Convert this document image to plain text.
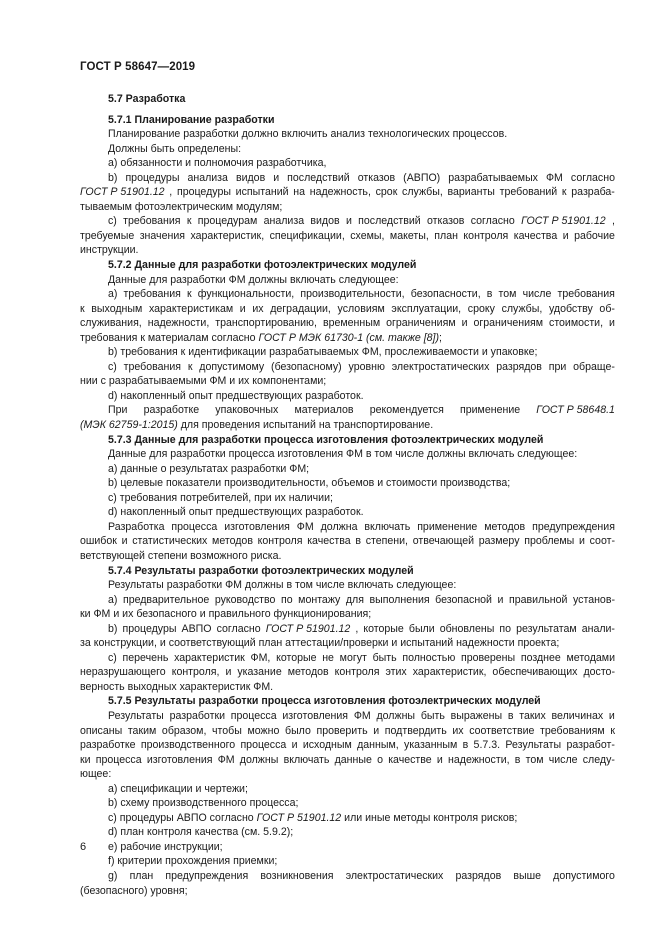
ГОСТ Р 58647—2019
5.7 Разработка
5.7.1 Планирование разработки
Планирование разработки должно включить анализ технологических процессов.
Должны быть определены:
a) обязанности и полномочия разработчика,
b) процедуры анализа видов и последствий отказов (АВПО) разрабатываемых ФМ согласно
ГОСТ Р 51901.12 , процедуры испытаний на надежность, срок службы, варианты требований к разраба-
тываемым фотоэлектрическим модулям;
c) требования к процедурам анализа видов и последствий отказов согласно ГОСТ Р 51901.12 ,
требуемые значения характеристик, спецификации, схемы, макеты, план контроля качества и рабочие
инструкции.
5.7.2 Данные для разработки фотоэлектрических модулей
Данные для разработки ФМ должны включать следующее:
a) требования к функциональности, производительности, безопасности, в том числе требования
к выходным характеристикам и их деградации, условиям эксплуатации, сроку службы, удобству об-
служивания, надежности, транспортированию, временным ограничениям и ограничениям стоимости, и
требования к материалам согласно ГОСТ Р МЭК 61730-1 (см. также [8]);
b) требования к идентификации разрабатываемых ФМ, прослеживаемости и упаковке;
c) требования к допустимому (безопасному) уровню электростатических разрядов при обраще-
нии с разрабатываемыми ФМ и их компонентами;
d) накопленный опыт предшествующих разработок.
При разработке упаковочных материалов рекомендуется применение ГОСТ Р 58648.1
(МЭК 62759-1:2015) для проведения испытаний на транспортирование.
5.7.3 Данные для разработки процесса изготовления фотоэлектрических модулей
Данные для разработки процесса изготовления ФМ в том числе должны включать следующее:
a) данные о результатах разработки ФМ;
b) целевые показатели производительности, объемов и стоимости производства;
c) требования потребителей, при их наличии;
d) накопленный опыт предшествующих разработок.
Разработка процесса изготовления ФМ должна включать применение методов предупреждения
ошибок и статистических методов контроля качества в степени, отвечающей размеру проблемы и соот-
ветствующей степени возможного риска.
5.7.4 Результаты разработки фотоэлектрических модулей
Результаты разработки ФМ должны в том числе включать следующее:
a) предварительное руководство по монтажу для выполнения безопасной и правильной установ-
ки ФМ и их безопасного и правильного функционирования;
b) процедуры АВПО согласно ГОСТ Р 51901.12 , которые были обновлены по результатам анали-
за конструкции, и соответствующий план аттестации/проверки и испытаний надежности проекта;
c) перечень характеристик ФМ, которые не могут быть полностью проверены позднее методами
неразрушающего контроля, и указание методов контроля этих характеристик, обеспечивающих досто-
верность выходных характеристик ФМ.
5.7.5 Результаты разработки процесса изготовления фотоэлектрических модулей
Результаты разработки процесса изготовления ФМ должны быть выражены в таких величинах и
описаны таким образом, чтобы можно было проверить и подтвердить их соответствие требованиям к
разработке производственного процесса и исходным данным, указанным в 5.7.3. Результаты разработ-
ки процесса изготовления ФМ должны включать данные о качестве и надежности, в том числе следу-
ющее:
a) спецификации и чертежи;
b) схему производственного процесса;
c) процедуры АВПО согласно ГОСТ Р 51901.12 или иные методы контроля рисков;
d) план контроля качества (см. 5.9.2);
e) рабочие инструкции;
f) критерии прохождения приемки;
g) план предупреждения возникновения электростатических разрядов выше допустимого
(безопасного) уровня;
6
